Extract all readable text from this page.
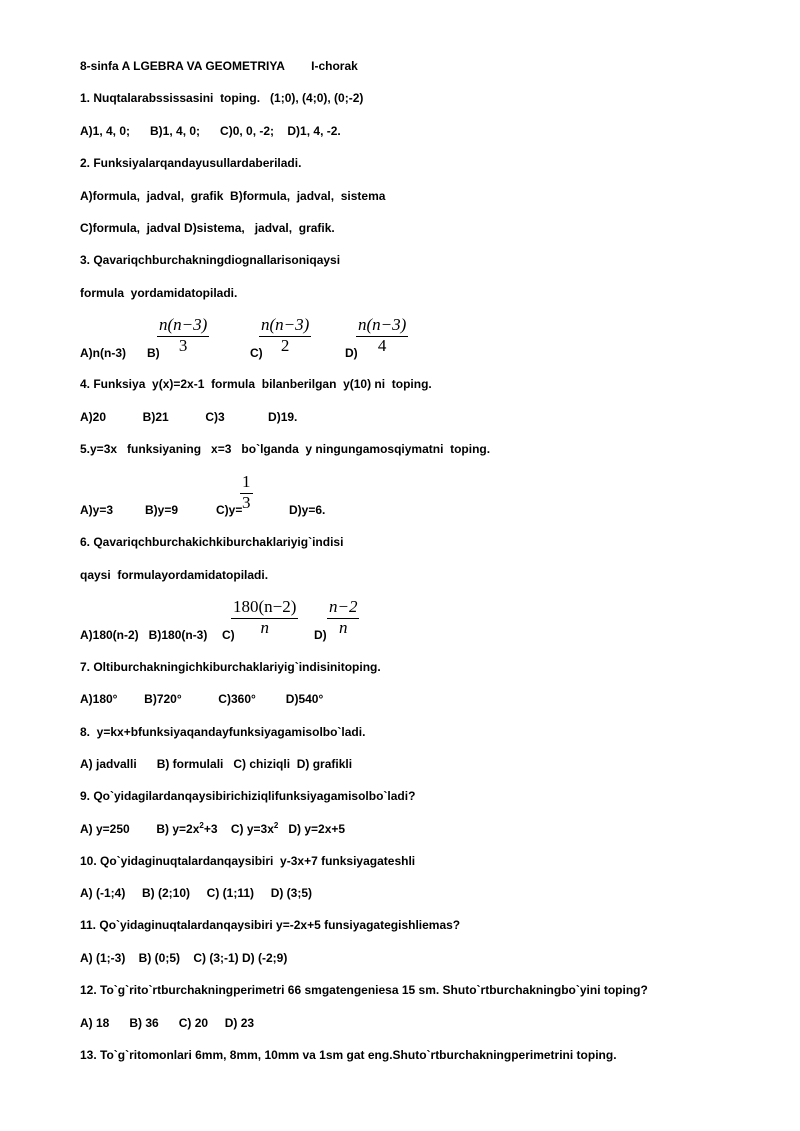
8-sinfa A LGEBRA VA GEOMETRIYA        I-chorak
1. Nuqtalarabssissasini  toping.   (1;0), (4;0), (0;-2)
A)1, 4, 0;      B)1, 4, 0;      C)0, 0, -2;    D)1, 4, -2.
2. Funksiyalarqandayusullardaberiladi.
A)formula,  jadval,  grafik  B)formula,  jadval,  sistema
C)formula,  jadval D)sistema,   jadval,  grafik.
3. Qavariqchburchakningdiognallarisoniqaysi
formula  yordamidatopiladi.
A)n(n-3) B)
$\frac{n(n-3)}{3}$	C)
$\frac{n(n-3)}{2}$	D)
$\frac{n(n-3)}{4}$
4. Funksiya  y(x)=2x-1  formula  bilanberilgan  y(10) ni  toping.
A)20           B)21           C)3             D)19.
5.y=3x   funksiyaning   x=3   bo`lganda  y ningungamosqiymatni  toping.
A)y=3	B)y=9	C)y=
$\frac{1}{3}$	D)y=6.
6. Qavariqchburchakichkiburchaklariyig`indisi
qaysi  formulayordamidatopiladi.
A)180(n-2)   B)180(n-3) C)
$\frac{180(n-2)}{n} D) \frac{n-2}{n}$
7. Oltiburchakningichkiburchaklariyig`indisinitoping.
A)180°        B)720°           C)360°         D)540°
8.  y=kx+bfunksiyaqandayfunksiyagamisolbo`ladi.
A) jadvalli      B) formulali   C) chiziqli  D) grafikli
9. Qo`yidagilardanqaysibirichiziqlifunksiyagamisolbo`ladi?
A) y=250        B) $y=2x^2+3$    C) $y=3x^2$   D) y=2x+5
10. Qo`yidaginuqtalardanqaysibiri  y-3x+7 funksiyagateshli
A) (-1;4)     B) (2;10)     C) (1;11)     D) (3;5)
11. Qo`yidaginuqtalardanqaysibiri y=-2x+5 funsiyagategishliemas?
A) (1;-3)    B) (0;5)    C) (3;-1) D) (-2;9)
12. To`g`rito`rtburchakningperimetri 66 smgatengeniesa 15 sm. Shuto`rtburchakningbo`yini toping?
A) 18      B) 36      C) 20     D) 23
13. To`g`ritomonlari 6mm, 8mm, 10mm va 1sm gat eng.Shuto`rtburchakningperimetrini toping.
